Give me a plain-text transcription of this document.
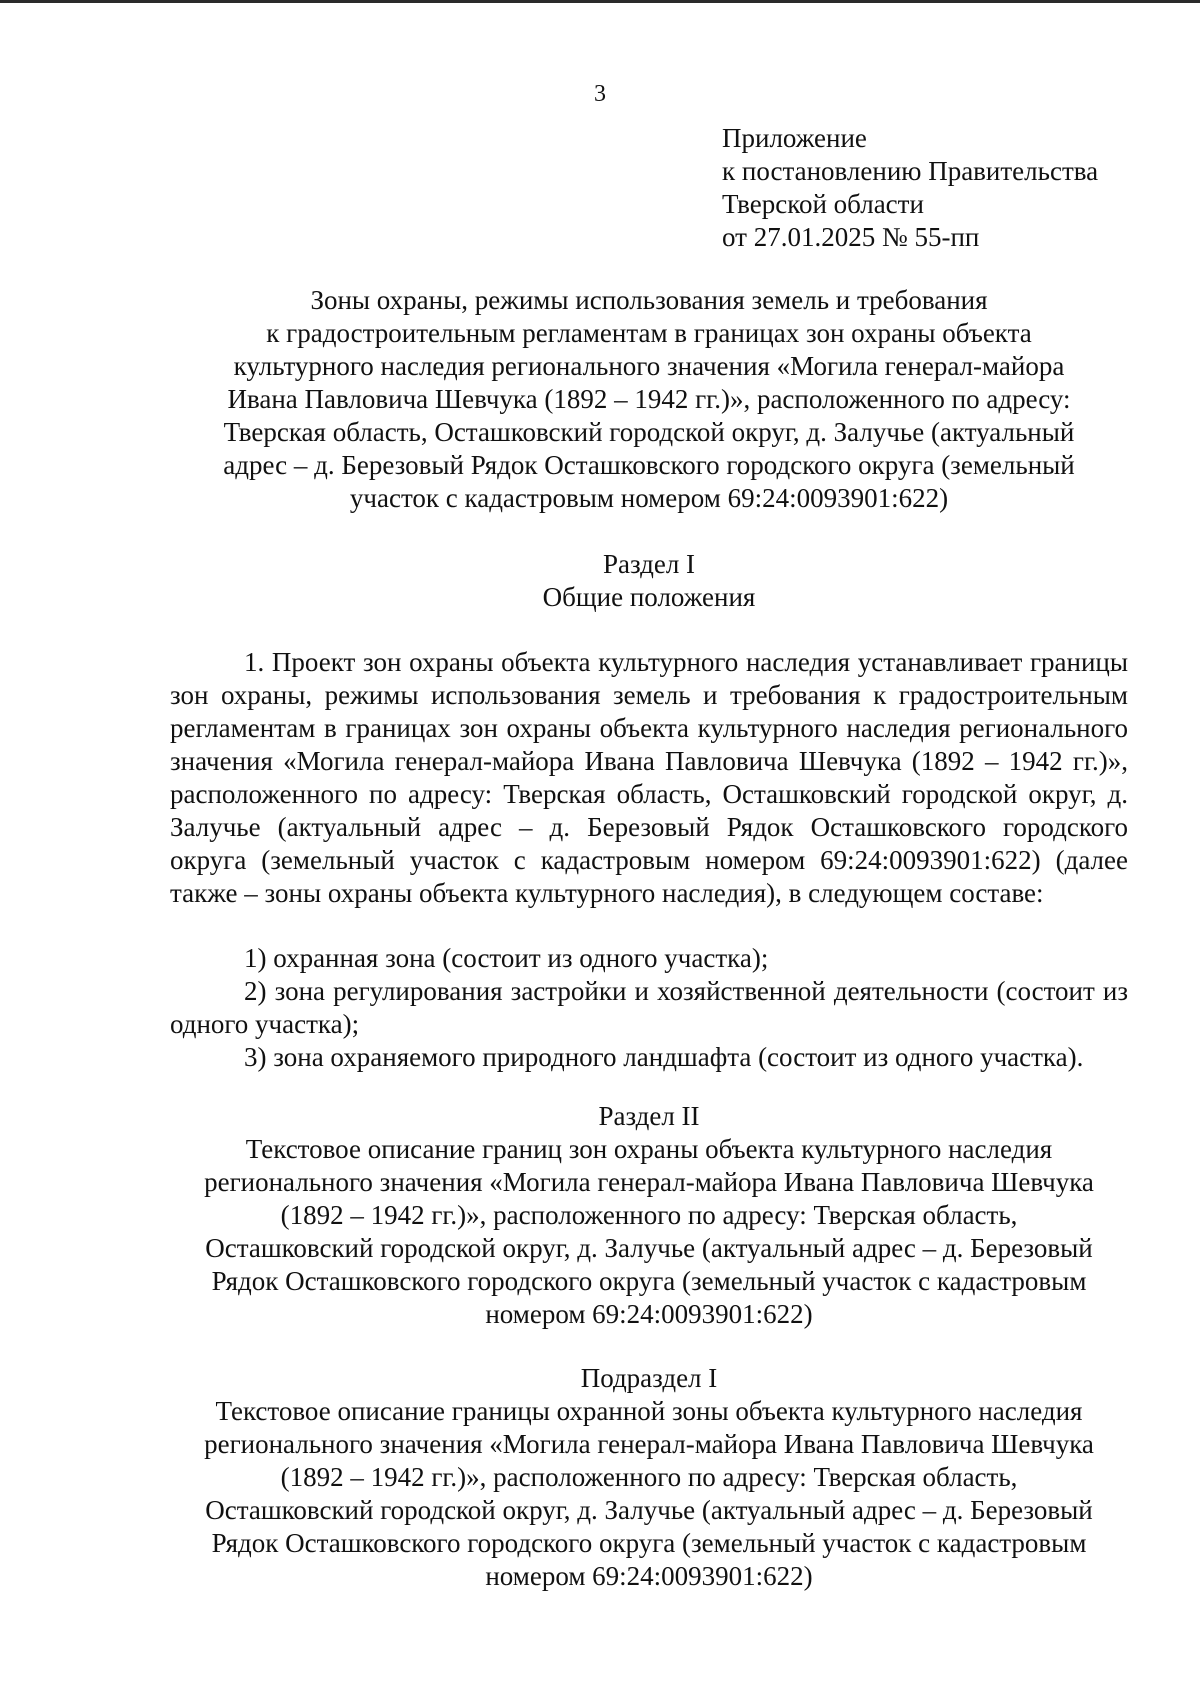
3
Приложение
к постановлению Правительства
Тверской области
от 27.01.2025 № 55-пп
Зоны охраны, режимы использования земель и требования
к градостроительным регламентам в границах зон охраны объекта
культурного наследия регионального значения «Могила генерал-майора
Ивана Павловича Шевчука (1892 – 1942 гг.)», расположенного по адресу:
Тверская область, Осташковский городской округ, д. Залучье (актуальный
адрес – д. Березовый Рядок Осташковского городского округа (земельный
участок с кадастровым номером 69:24:0093901:622)
Раздел I
Общие положения
1. Проект зон охраны объекта культурного наследия устанавливает границы зон охраны, режимы использования земель и требования к градостроительным регламентам в границах зон охраны объекта культурного наследия регионального значения «Могила генерал-майора Ивана Павловича Шевчука (1892 – 1942 гг.)», расположенного по адресу: Тверская область, Осташковский городской округ, д. Залучье (актуальный адрес – д. Березовый Рядок Осташковского городского округа (земельный участок с кадастровым номером 69:24:0093901:622) (далее также – зоны охраны объекта культурного наследия), в следующем составе:
1) охранная зона (состоит из одного участка);
2) зона регулирования застройки и хозяйственной деятельности (состоит из одного участка);
3) зона охраняемого природного ландшафта (состоит из одного участка).
Раздел II
Текстовое описание границ зон охраны объекта культурного наследия
регионального значения «Могила генерал-майора Ивана Павловича Шевчука
(1892 – 1942 гг.)», расположенного по адресу: Тверская область,
Осташковский городской округ, д. Залучье (актуальный адрес – д. Березовый
Рядок Осташковского городского округа (земельный участок с кадастровым
номером 69:24:0093901:622)
Подраздел I
Текстовое описание границы охранной зоны объекта культурного наследия
регионального значения «Могила генерал-майора Ивана Павловича Шевчука
(1892 – 1942 гг.)», расположенного по адресу: Тверская область,
Осташковский городской округ, д. Залучье (актуальный адрес – д. Березовый
Рядок Осташковского городского округа (земельный участок с кадастровым
номером 69:24:0093901:622)
